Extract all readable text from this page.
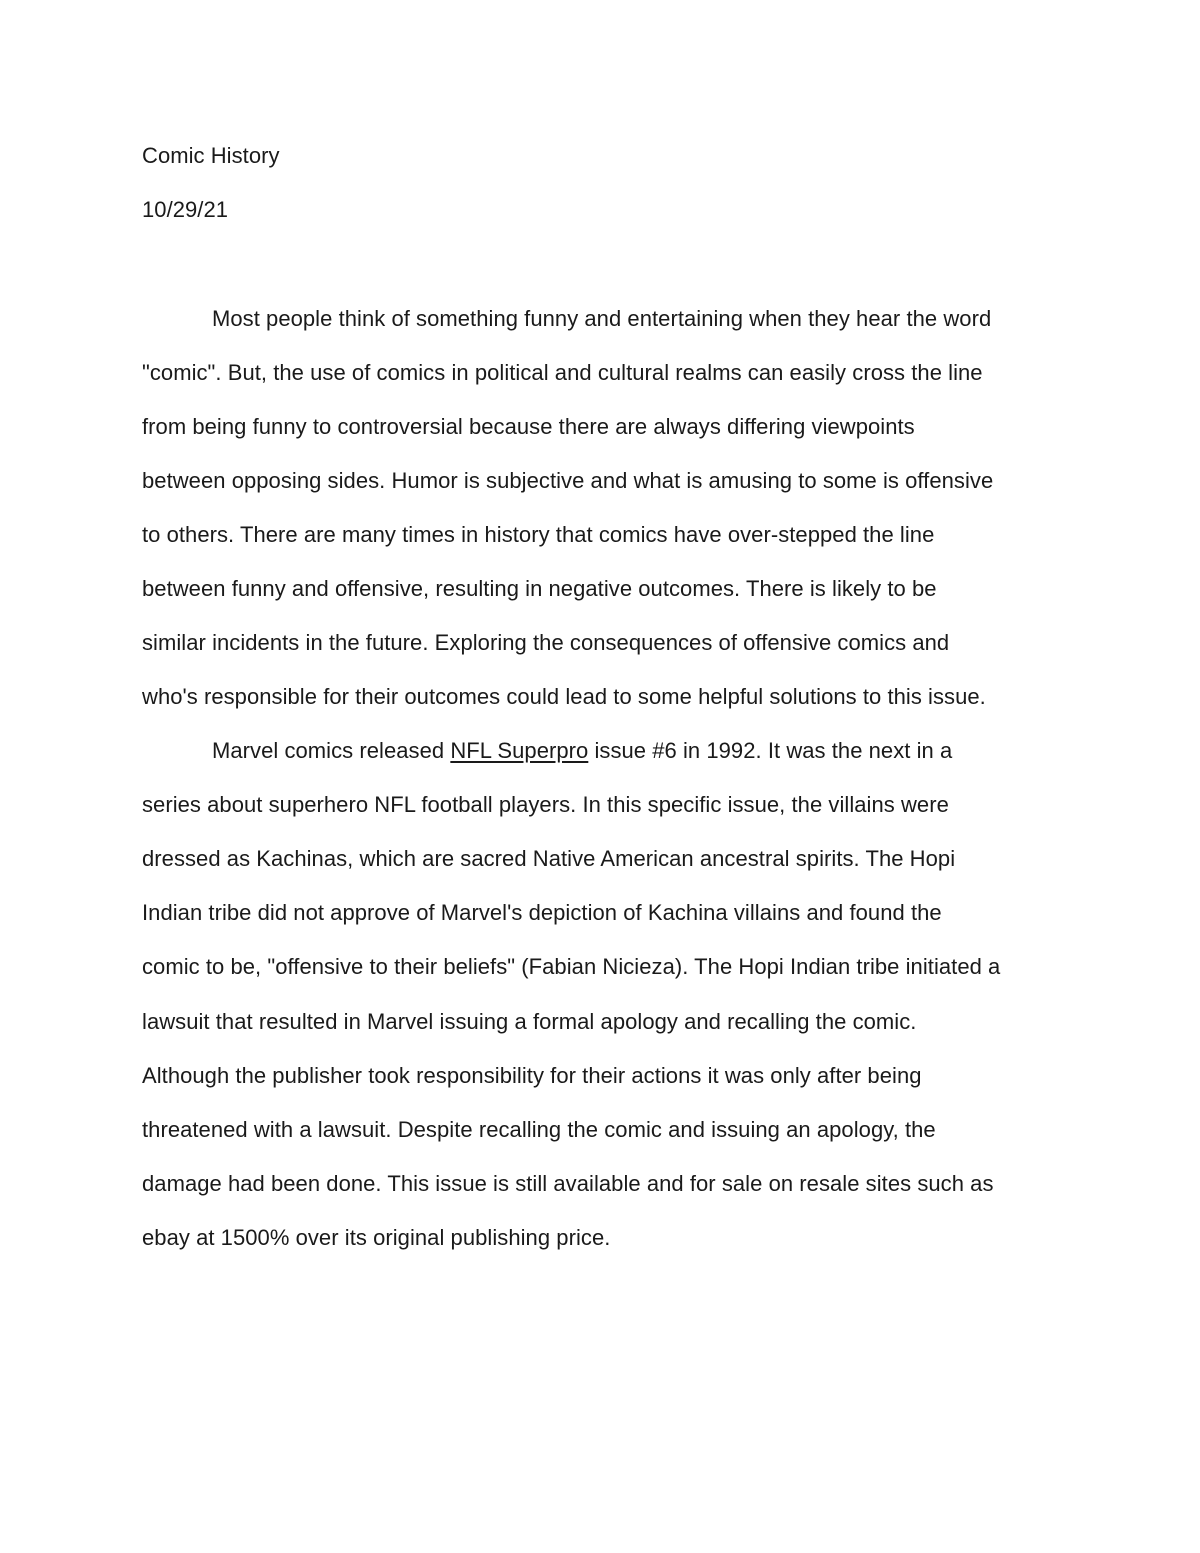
Comic History
10/29/21
Most people think of something funny and entertaining when they hear the word
"comic". But, the use of comics in political and cultural realms can easily cross the line
from being funny to controversial because there are always differing viewpoints
between opposing sides. Humor is subjective and what is amusing to some is offensive
to others. There are many times in history that comics have over-stepped the line
between funny and offensive, resulting in negative outcomes. There is likely to be
similar incidents in the future. Exploring the consequences of offensive comics and
who's responsible for their outcomes could lead to some helpful solutions to this issue.
Marvel comics released NFL Superpro issue #6 in 1992. It was the next in a
series about superhero NFL football players. In this specific issue, the villains were
dressed as Kachinas, which are sacred Native American ancestral spirits. The Hopi
Indian tribe did not approve of Marvel's depiction of Kachina villains and found the
comic to be, "offensive to their beliefs" (Fabian Nicieza). The Hopi Indian tribe initiated a
lawsuit that resulted in Marvel issuing a formal apology and recalling the comic.
Although the publisher took responsibility for their actions it was only after being
threatened with a lawsuit. Despite recalling the comic and issuing an apology, the
damage had been done. This issue is still available and for sale on resale sites such as
ebay at 1500% over its original publishing price.
